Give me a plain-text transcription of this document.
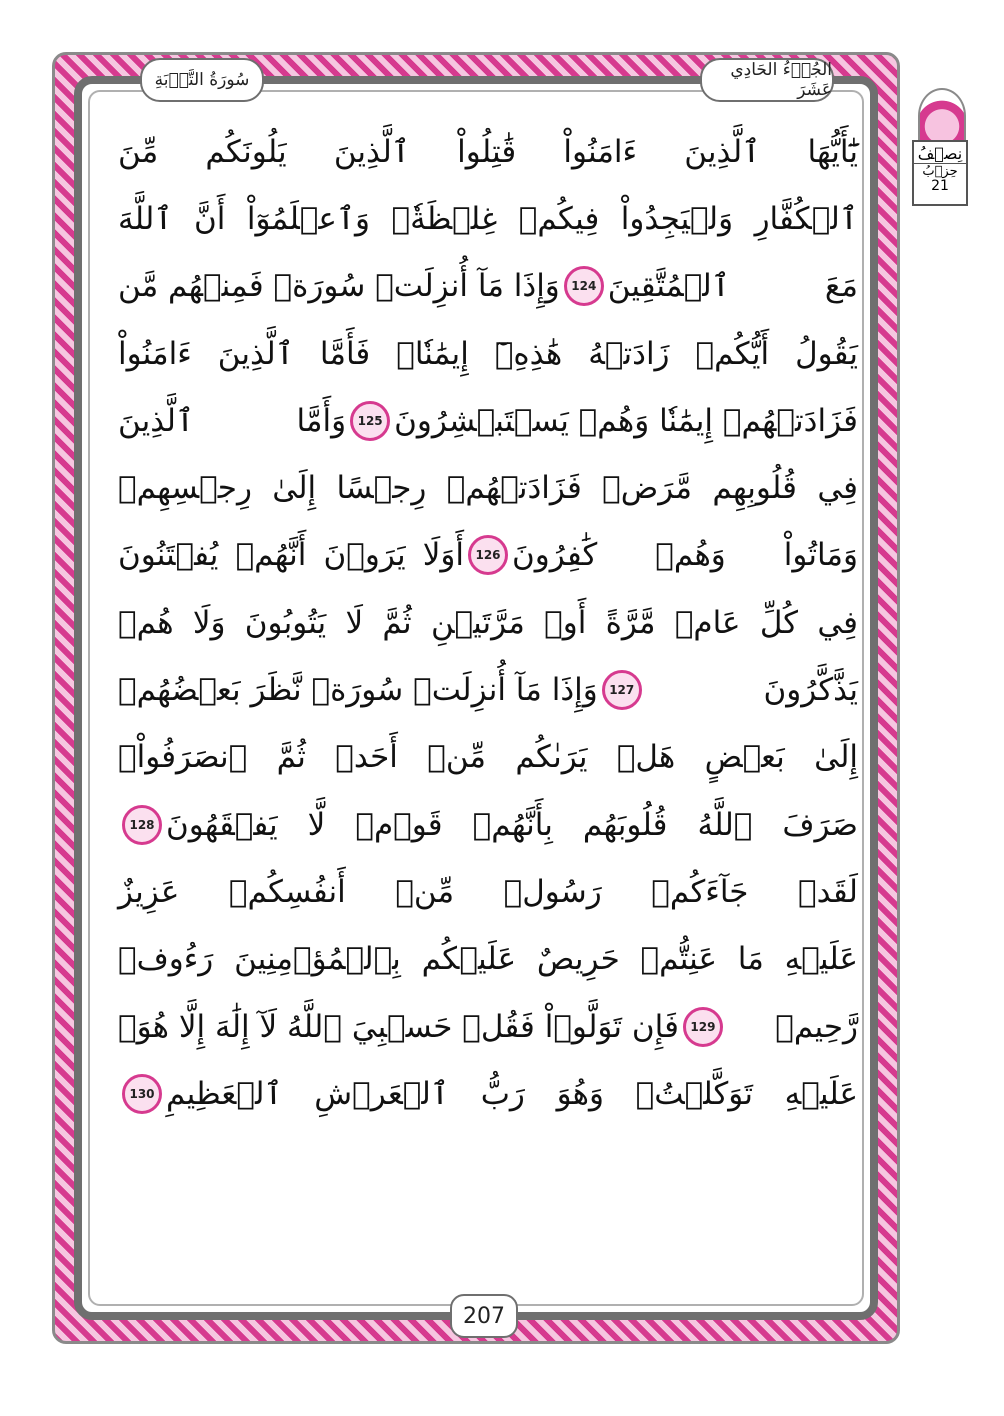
سُورَةُ التَّوۡبَةِ	الجُزۡءُ الحَادِي عَشَرَ
نِصۡفُ
حِزۡبُ
21
يَٰٓأَيُّهَا ٱلَّذِينَ ءَامَنُواْ قَٰتِلُواْ ٱلَّذِينَ يَلُونَكُم مِّنَ
ٱلۡكُفَّارِ وَلۡيَجِدُواْ فِيكُمۡ غِلۡظَةٗۚ وَٱعۡلَمُوٓاْ أَنَّ ٱللَّهَ
مَعَ ٱلۡمُتَّقِينَ
124
وَإِذَا مَآ أُنزِلَتۡ سُورَةٞ فَمِنۡهُم مَّن
يَقُولُ أَيُّكُمۡ زَادَتۡهُ هَٰذِهِۦٓ إِيمَٰنٗاۚ فَأَمَّا ٱلَّذِينَ ءَامَنُواْ
فَزَادَتۡهُمۡ إِيمَٰنٗا وَهُمۡ يَسۡتَبۡشِرُونَ
125
وَأَمَّا ٱلَّذِينَ
فِي قُلُوبِهِم مَّرَضٞ فَزَادَتۡهُمۡ رِجۡسًا إِلَىٰ رِجۡسِهِمۡ
وَمَاتُواْ وَهُمۡ كَٰفِرُونَ
126
أَوَلَا يَرَوۡنَ أَنَّهُمۡ يُفۡتَنُونَ
فِي كُلِّ عَامٖ مَّرَّةً أَوۡ مَرَّتَيۡنِ ثُمَّ لَا يَتُوبُونَ وَلَا هُمۡ
يَذَّكَّرُونَ
127
وَإِذَا مَآ أُنزِلَتۡ سُورَةٞ نَّظَرَ بَعۡضُهُمۡ
إِلَىٰ بَعۡضٍ هَلۡ يَرَىٰكُم مِّنۡ أَحَدٖ ثُمَّ ٱنصَرَفُواْۚ
صَرَفَ ٱللَّهُ قُلُوبَهُم بِأَنَّهُمۡ قَوۡمٞ لَّا يَفۡقَهُونَ
128
لَقَدۡ جَآءَكُمۡ رَسُولٞ مِّنۡ أَنفُسِكُمۡ عَزِيزٌ
عَلَيۡهِ مَا عَنِتُّمۡ حَرِيصٌ عَلَيۡكُم بِٱلۡمُؤۡمِنِينَ رَءُوفٞ
رَّحِيمٞ
129
فَإِن تَوَلَّوۡاْ فَقُلۡ حَسۡبِيَ ٱللَّهُ لَآ إِلَٰهَ إِلَّا هُوَۖ
عَلَيۡهِ تَوَكَّلۡتُۖ وَهُوَ رَبُّ ٱلۡعَرۡشِ ٱلۡعَظِيمِ
130
207
